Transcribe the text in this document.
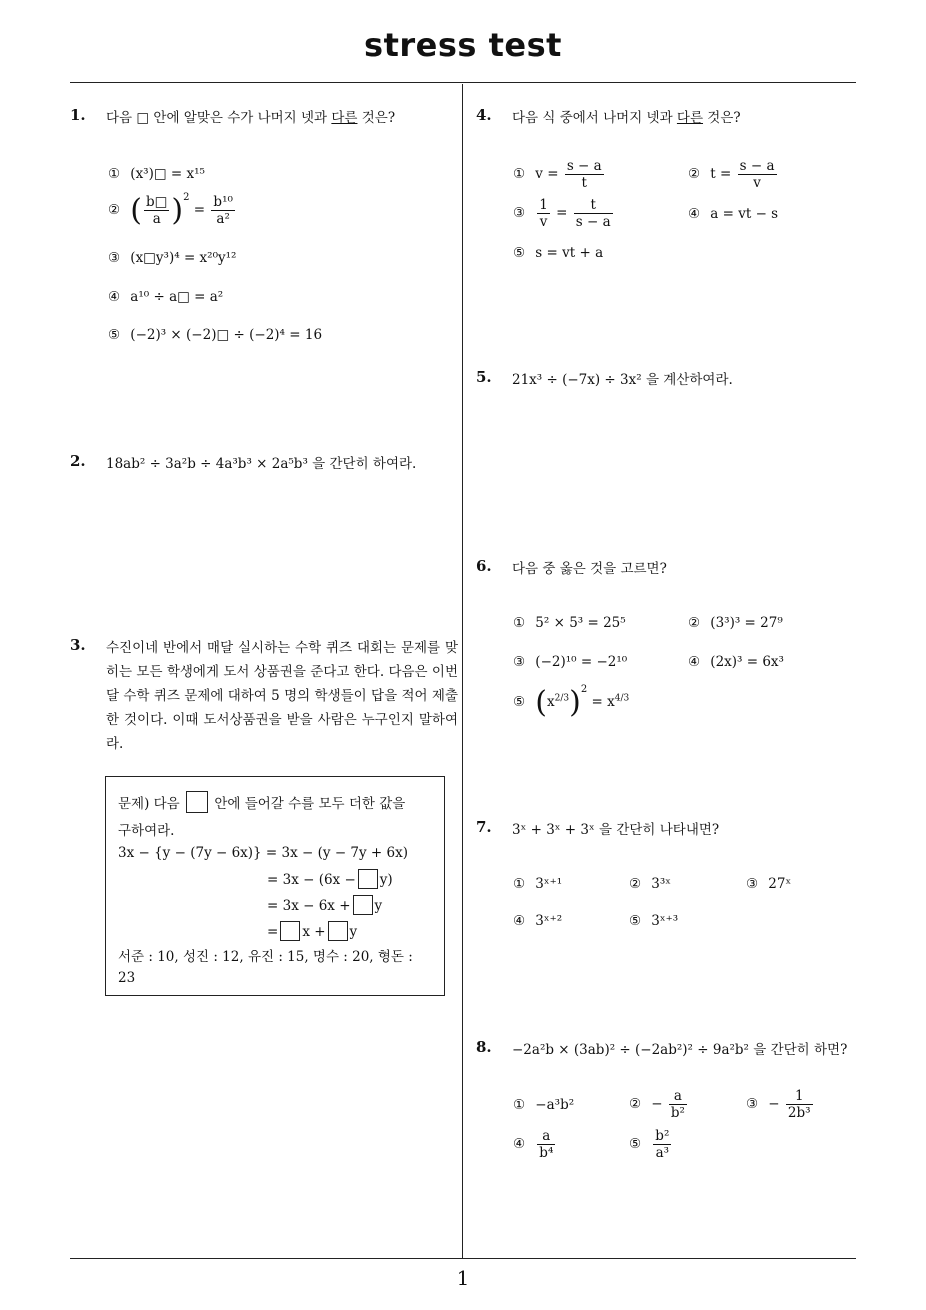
stress test
1
1. 다음 □ 안에 알맞은 수가 나머지 넷과 다른 것은?
① (x³)□ = x¹⁵
② ( $\frac{b□}{a} )^2 = \frac{\text{b¹⁰}}{\text{a²}}$
③ (x□y³)⁴ = x²⁰y¹²
④ a¹⁰ ÷ a□ = a²
⑤ (−2)³ × (−2)□ ÷ (−2)⁴ = 16
2. 18ab² ÷ 3a²b ÷ 4a³b³ × 2a⁵b³ 을 간단히 하여라.
3. 수진이네 반에서 매달 실시하는 수학 퀴즈 대회는 문제를 맞히는 모든 학생에게 도서 상품권을 준다고 한다. 다음은 이번 달 수학 퀴즈 문제에 대하여 5 명의 학생들이 답을 적어 제출한 것이다. 이때 도서상품권을 받을 사람은 누구인지 말하여라.
문제) 다음	안에 들어갈 수를 모두 더한 값을
구하여라.
3x − {y − (7y − 6x)} = 3x − (y − 7y + 6x)
= 3x − (6x − y)
= 3x − 6x + y
= x + y
서준 : 10, 성진 : 12, 유진 : 15, 명수 : 20, 형돈 :
23
4. 다음 식 중에서 나머지 넷과 다른 것은?
① $v = \frac{s - a}{t}$	② $t = \frac{s - a}{v}$
③ $\frac{1}{v} = \frac{t}{s - a}$	④ a = vt − s
⑤ s = vt + a
5. 21x³ ÷ (−7x) ÷ 3x² 을 계산하여라.
6. 다음 중 옳은 것을 고르면?
① 5² × 5³ = 25⁵	② (3³)³ = 27⁹
③ (−2)¹⁰ = −2¹⁰	④ (2x)³ = 6x³
⑤ $(x^{2/3})^2 = x^{4/3}$
7. 3ˣ + 3ˣ + 3ˣ 을 간단히 나타내면?
① 3ˣ⁺¹	② 3³ˣ	③ 27ˣ
④ 3ˣ⁺²	⑤ 3ˣ⁺³
8. −2a²b × (3ab)² ÷ (−2ab²)² ÷ 9a²b² 을 간단히 하면?
① −a³b²	② − $\frac{a}{\text{b²}}$	③ − $\frac{1}{\text{2b³}}$
④ $\frac{a}{\text{b⁴}}$	⑤ $\frac{\text{b²}}{\text{a³}}$
